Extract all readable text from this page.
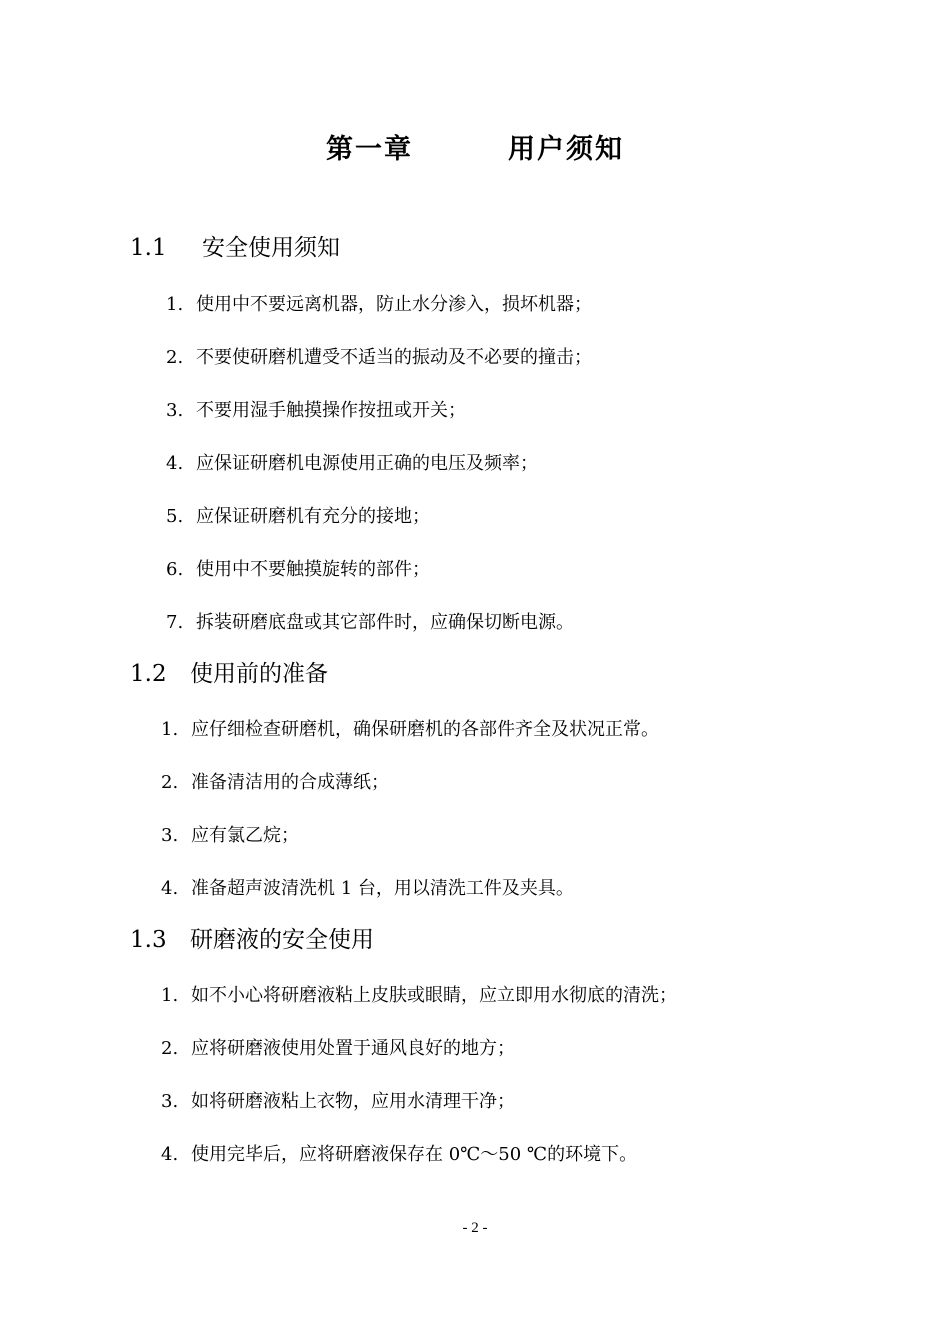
第一章	用户须知
1.1 安全使用须知
1. 使用中不要远离机器，防止水分渗入，损坏机器；
2. 不要使研磨机遭受不适当的振动及不必要的撞击；
3. 不要用湿手触摸操作按扭或开关；
4. 应保证研磨机电源使用正确的电压及频率；
5. 应保证研磨机有充分的接地；
6. 使用中不要触摸旋转的部件；
7. 拆装研磨底盘或其它部件时，应确保切断电源。
1.2 使用前的准备
1. 应仔细检查研磨机，确保研磨机的各部件齐全及状况正常。
2. 准备清洁用的合成薄纸；
3. 应有氯乙烷；
4. 准备超声波清洗机 1 台，用以清洗工件及夹具。
1.3 研磨液的安全使用
1. 如不小心将研磨液粘上皮肤或眼睛，应立即用水彻底的清洗；
2. 应将研磨液使用处置于通风良好的地方；
3. 如将研磨液粘上衣物，应用水清理干净；
4. 使用完毕后，应将研磨液保存在 0℃～50 ℃的环境下。
- 2 -
